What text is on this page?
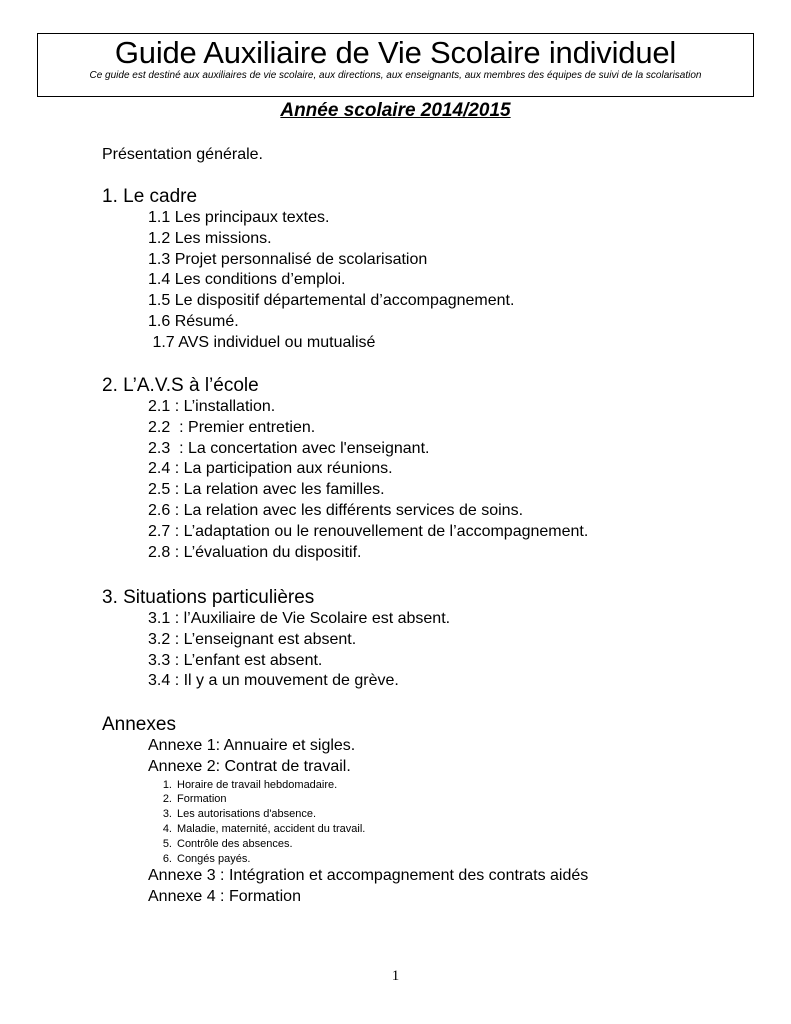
Guide Auxiliaire de Vie Scolaire individuel
Ce guide est destiné aux auxiliaires de vie scolaire, aux directions, aux enseignants, aux membres des équipes de suivi de la scolarisation
Année scolaire 2014/2015
Présentation générale.
1. Le cadre
1.1 Les principaux textes.
1.2 Les missions.
1.3 Projet personnalisé de scolarisation
1.4 Les conditions d’emploi.
1.5 Le dispositif départemental d’accompagnement.
1.6 Résumé.
1.7 AVS individuel ou mutualisé
2. L’A.V.S à l’école
2.1 : L’installation.
2.2  : Premier entretien.
2.3  : La concertation avec l'enseignant.
2.4 : La participation aux réunions.
2.5 : La relation avec les familles.
2.6 : La relation avec les différents services de soins.
2.7 : L’adaptation ou le renouvellement de l’accompagnement.
2.8 : L’évaluation du dispositif.
3. Situations particulières
3.1 : l’Auxiliaire de Vie Scolaire est absent.
3.2 : L’enseignant est absent.
3.3 : L’enfant est absent.
3.4 : Il y a un mouvement de grève.
Annexes
Annexe 1: Annuaire et sigles.
Annexe 2: Contrat de travail.
1. Horaire de travail hebdomadaire.
2. Formation
3. Les autorisations d'absence.
4. Maladie, maternité, accident du travail.
5. Contrôle des absences.
6. Congés payés.
Annexe 3 : Intégration et accompagnement des contrats aidés
Annexe 4 : Formation
1
